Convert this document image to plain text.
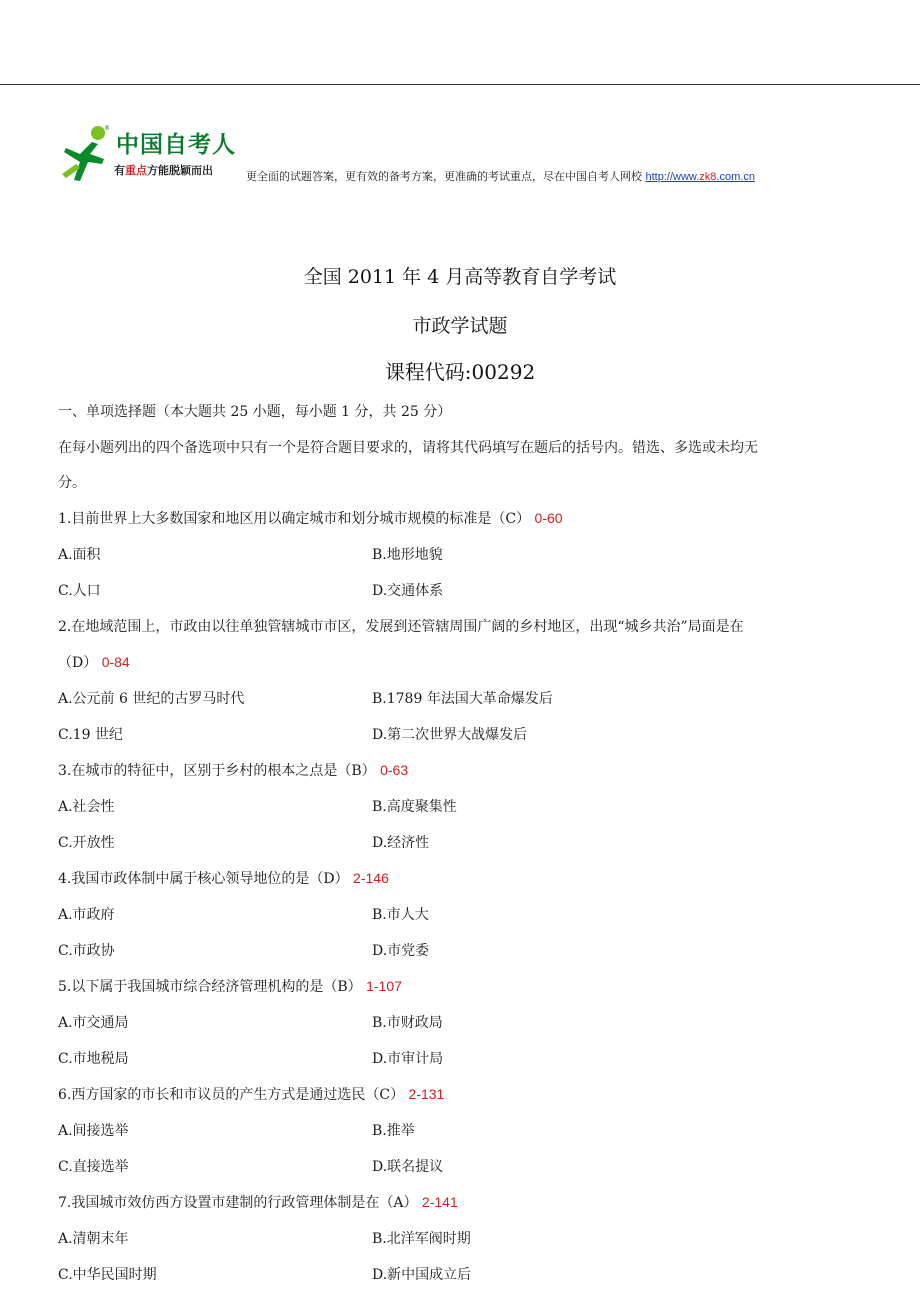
®
中国自考人
有重点方能脱颖而出	更全面的试题答案，更有效的备考方案，更准确的考试重点，尽在中国自考人网校 http://www.zk8.com.cn
全国 2011 年 4 月高等教育自学考试
市政学试题
课程代码:00292
一、单项选择题（本大题共 25 小题，每小题 1 分，共 25 分）
在每小题列出的四个备选项中只有一个是符合题目要求的，请将其代码填写在题后的括号内。错选、多选或未均无
分。
1.目前世界上大多数国家和地区用以确定城市和划分城市规模的标准是（C） 0-60
A.面积	B.地形地貌
C.人口	D.交通体系
2.在地域范围上，市政由以往单独管辖城市市区，发展到还管辖周围广阔的乡村地区，出现“城乡共治”局面是在
（D） 0-84
A.公元前 6 世纪的古罗马时代	B.1789 年法国大革命爆发后
C.19 世纪	D.第二次世界大战爆发后
3.在城市的特征中，区别于乡村的根本之点是（B） 0-63
A.社会性	B.高度聚集性
C.开放性	D.经济性
4.我国市政体制中属于核心领导地位的是（D） 2-146
A.市政府	B.市人大
C.市政协	D.市党委
5.以下属于我国城市综合经济管理机构的是（B） 1-107
A.市交通局	B.市财政局
C.市地税局	D.市审计局
6.西方国家的市长和市议员的产生方式是通过选民（C） 2-131
A.间接选举	B.推举
C.直接选举	D.联名提议
7.我国城市效仿西方设置市建制的行政管理体制是在（A） 2-141
A.清朝末年	B.北洋军阀时期
C.中华民国时期	D.新中国成立后
